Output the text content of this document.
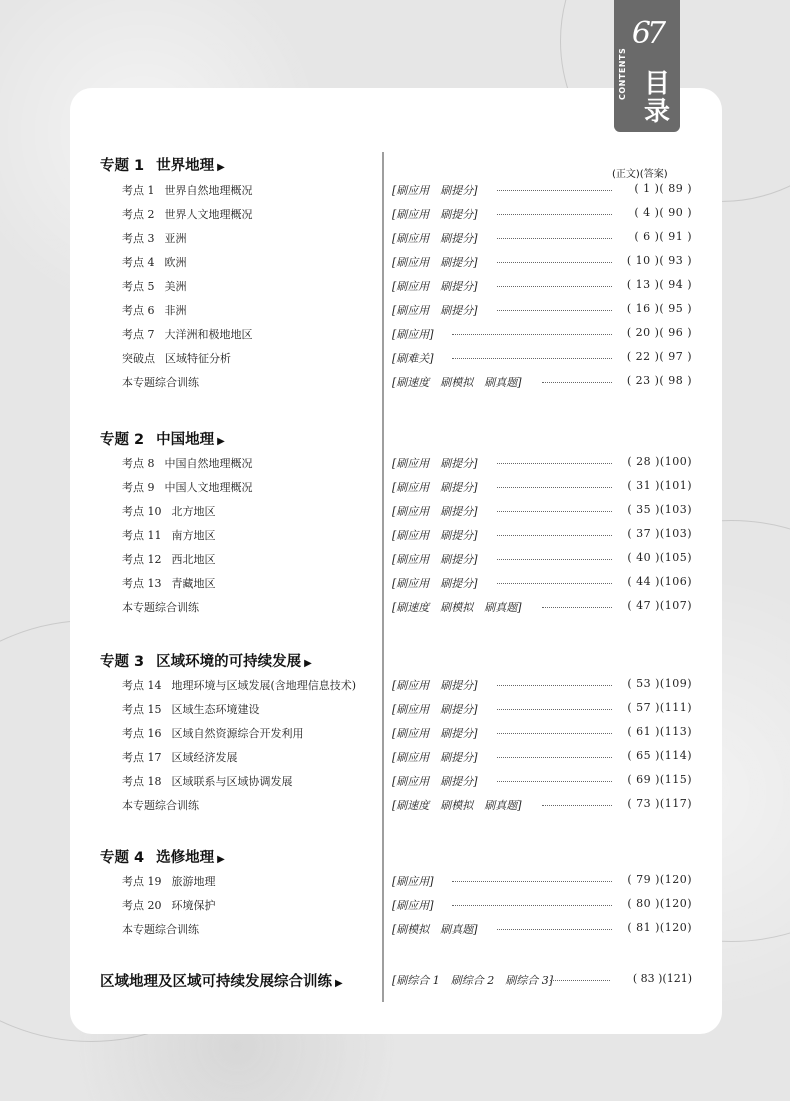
67
CONTENTS 目录
(正文)(答案)
专题 1 世界地理 ▶
考点 1 世界自然地理概况	[刷应用　刷提分]	( 1 )( 89 )
考点 2 世界人文地理概况	[刷应用　刷提分]	( 4 )( 90 )
考点 3 亚洲	[刷应用　刷提分]	( 6 )( 91 )
考点 4 欧洲	[刷应用　刷提分]	( 10 )( 93 )
考点 5 美洲	[刷应用　刷提分]	( 13 )( 94 )
考点 6 非洲	[刷应用　刷提分]	( 16 )( 95 )
考点 7 大洋洲和极地地区	[刷应用]	( 20 )( 96 )
突破点 区域特征分析	[刷难关]	( 22 )( 97 )
本专题综合训练	[刷速度　刷模拟　刷真题]	( 23 )( 98 )
专题 2 中国地理 ▶
考点 8 中国自然地理概况	[刷应用　刷提分]	( 28 )(100)
考点 9 中国人文地理概况	[刷应用　刷提分]	( 31 )(101)
考点 10 北方地区	[刷应用　刷提分]	( 35 )(103)
考点 11 南方地区	[刷应用　刷提分]	( 37 )(103)
考点 12 西北地区	[刷应用　刷提分]	( 40 )(105)
考点 13 青藏地区	[刷应用　刷提分]	( 44 )(106)
本专题综合训练	[刷速度　刷模拟　刷真题]	( 47 )(107)
专题 3 区域环境的可持续发展 ▶
考点 14 地理环境与区域发展(含地理信息技术)	[刷应用　刷提分]	( 53 )(109)
考点 15 区域生态环境建设	[刷应用　刷提分]	( 57 )(111)
考点 16 区域自然资源综合开发利用	[刷应用　刷提分]	( 61 )(113)
考点 17 区域经济发展	[刷应用　刷提分]	( 65 )(114)
考点 18 区域联系与区域协调发展	[刷应用　刷提分]	( 69 )(115)
本专题综合训练	[刷速度　刷模拟　刷真题]	( 73 )(117)
专题 4 选修地理 ▶
考点 19 旅游地理	[刷应用]	( 79 )(120)
考点 20 环境保护	[刷应用]	( 80 )(120)
本专题综合训练	[刷模拟　刷真题]	( 81 )(120)
区域地理及区域可持续发展综合训练 ▶	[刷综合 1　刷综合 2　刷综合 3]	( 83 )(121)
